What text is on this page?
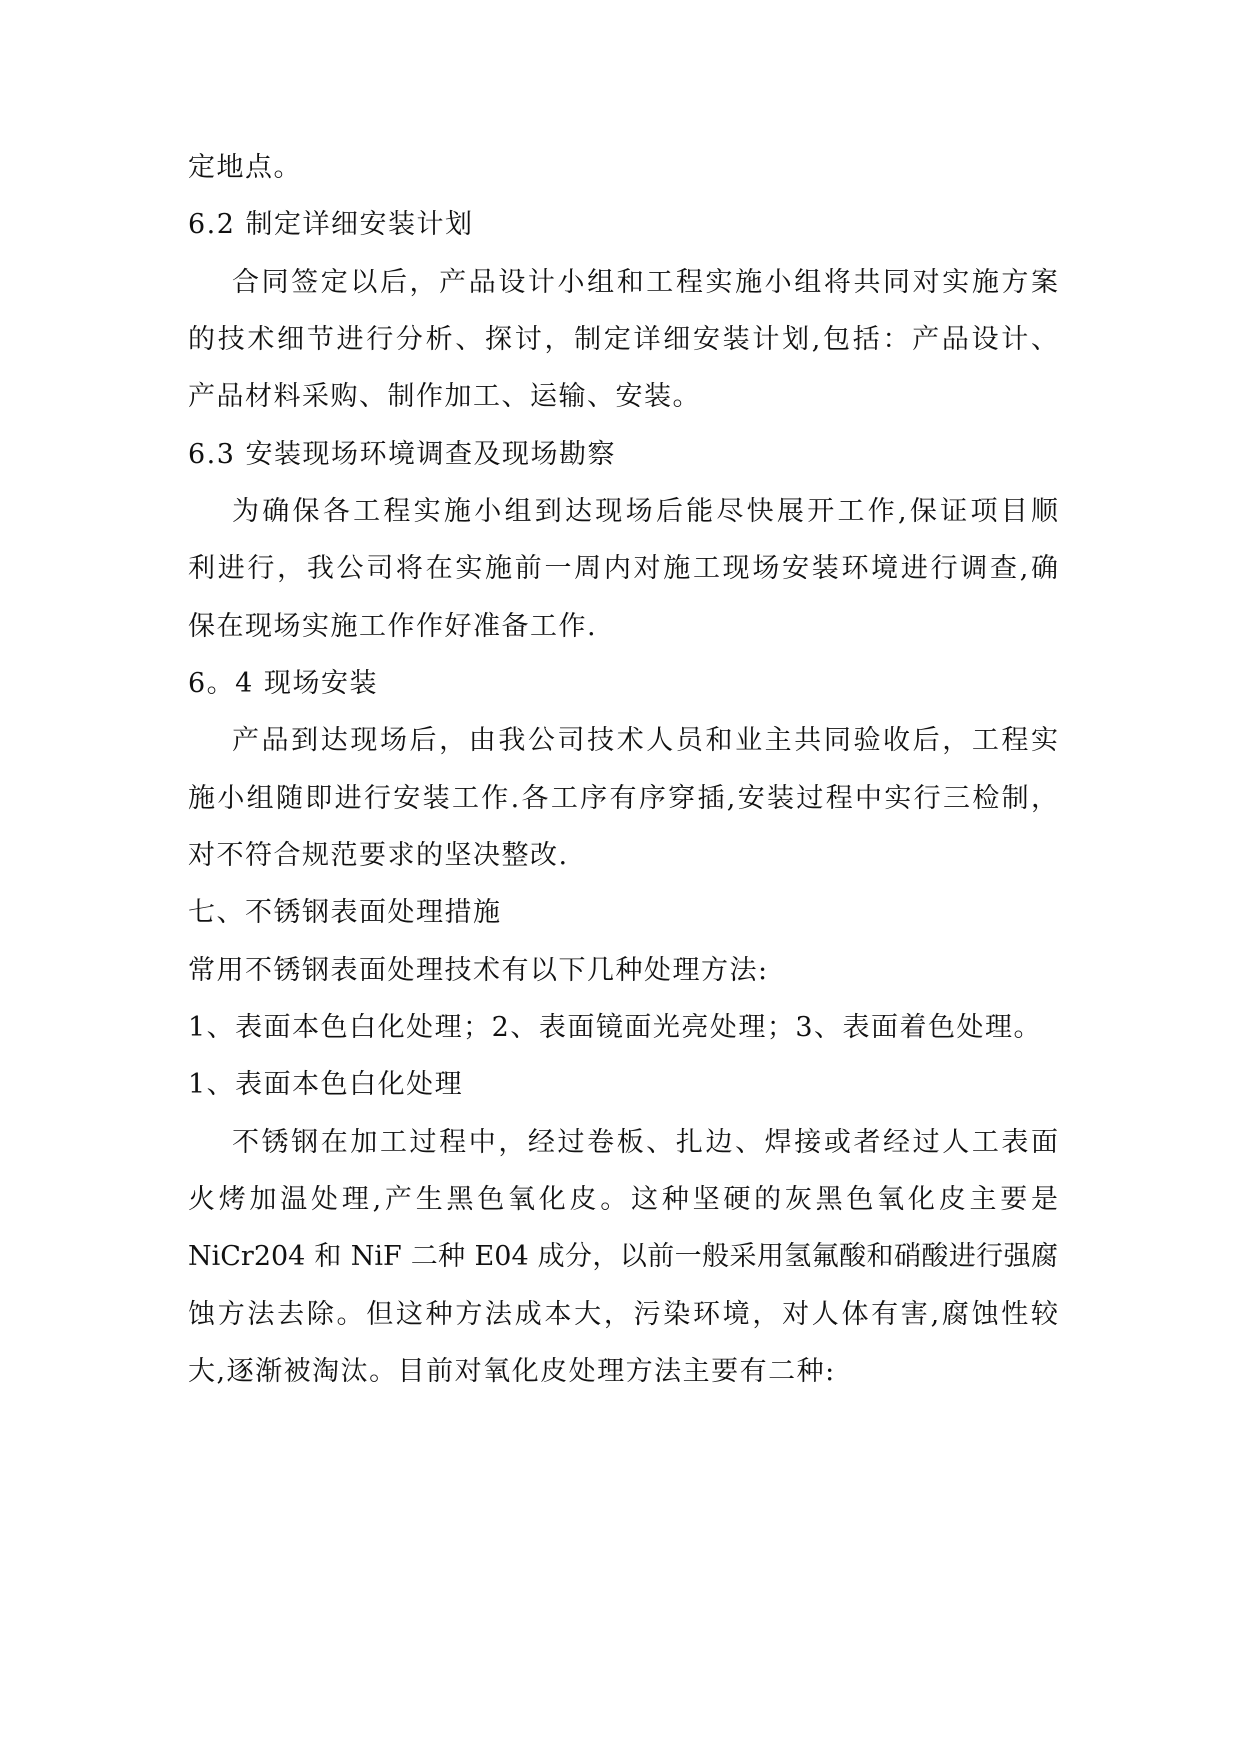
定地点。
6.2 制定详细安装计划
合同签定以后，产品设计小组和工程实施小组将共同对实施方案
的技术细节进行分析、探讨，制定详细安装计划,包括：产品设计、
产品材料采购、制作加工、运输、安装。
6.3 安装现场环境调查及现场勘察
为确保各工程实施小组到达现场后能尽快展开工作,保证项目顺
利进行，我公司将在实施前一周内对施工现场安装环境进行调查,确
保在现场实施工作作好准备工作.
6。4 现场安装
产品到达现场后，由我公司技术人员和业主共同验收后，工程实
施小组随即进行安装工作.各工序有序穿插,安装过程中实行三检制，
对不符合规范要求的坚决整改.
七、不锈钢表面处理措施
常用不锈钢表面处理技术有以下几种处理方法:
1、表面本色白化处理；2、表面镜面光亮处理；3、表面着色处理。
1、表面本色白化处理
不锈钢在加工过程中，经过卷板、扎边、焊接或者经过人工表面
火烤加温处理,产生黑色氧化皮。这种坚硬的灰黑色氧化皮主要是
NiCr204 和 NiF 二种 E04 成分，以前一般采用氢氟酸和硝酸进行强腐
蚀方法去除。但这种方法成本大，污染环境，对人体有害,腐蚀性较
大,逐渐被淘汰。目前对氧化皮处理方法主要有二种:
